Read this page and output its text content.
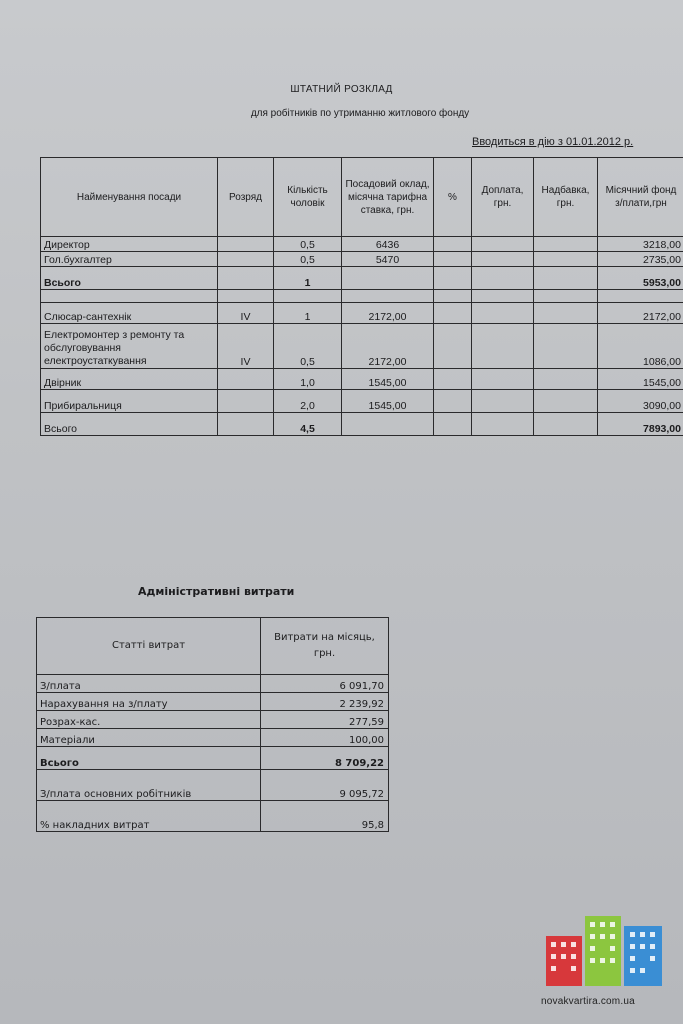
ШТАТНИЙ РОЗКЛАД
для робітників по утриманню житлового фонду
Вводиться в дію з 01.01.2012 р.
Найменування посади	Розряд	Кількість чоловік	Посадовий оклад, місячна тарифна ставка, грн.	%	Доплата, грн.	Надбавка, грн.	Місячний фонд з/плати,грн
Директор		0,5	6436				3218,00
Гол.бухгалтер		0,5	5470				2735,00
Всього		1					5953,00

Слюсар-сантехнік	IV	1	2172,00				2172,00
Електромонтер з ремонту та обслуговування електроустаткування	IV	0,5	2172,00				1086,00
Двірник		1,0	1545,00				1545,00
Прибиральниця		2,0	1545,00				3090,00
Всього		4,5					7893,00
Адміністративні витрати
Статті витрат	Витрати на місяць, грн.
З/плата	6 091,70
Нарахування на з/плату	2 239,92
Розрах-кас.	277,59
Матеріали	100,00
Всього	8 709,22
З/плата основних робітників	9 095,72
% накладних витрат	95,8
novakvartira.com.ua
